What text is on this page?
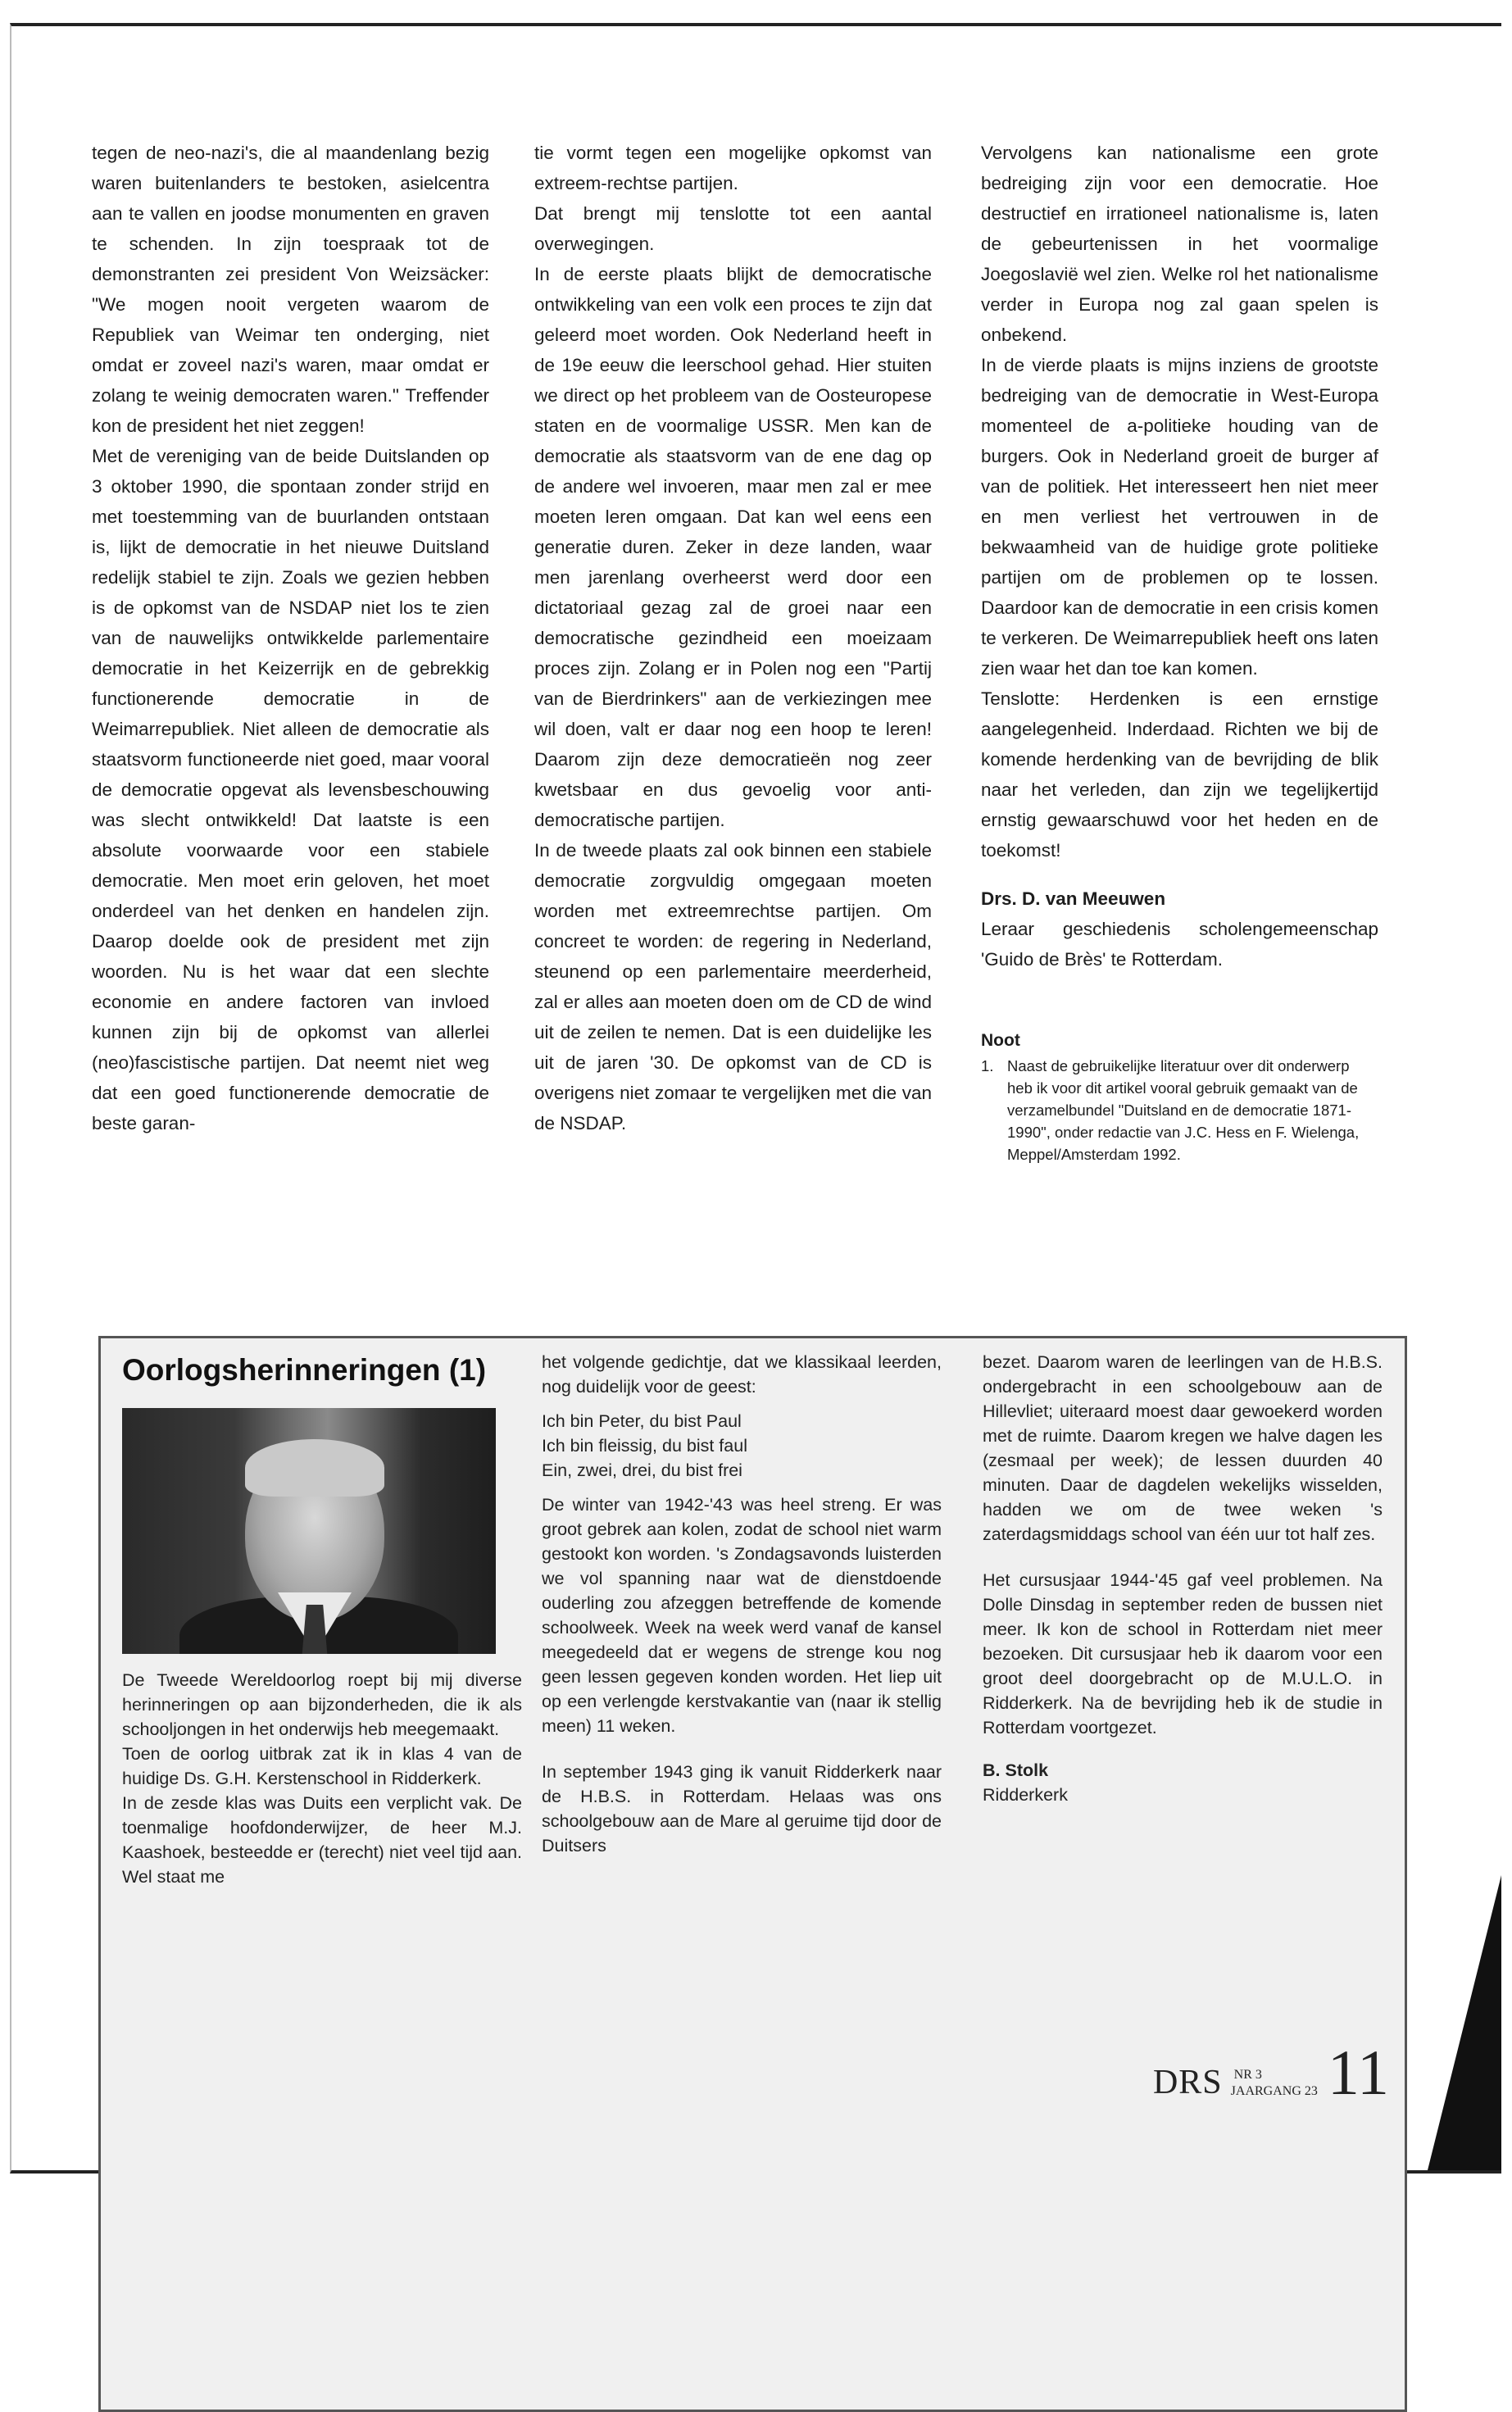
tegen de neo-nazi's, die al maandenlang bezig waren buitenlanders te bestoken, asielcentra aan te vallen en joodse monumenten en graven te schenden. In zijn toespraak tot de demonstranten zei president Von Weizsäcker: "We mogen nooit vergeten waarom de Republiek van Weimar ten onderging, niet omdat er zoveel nazi's waren, maar omdat er zolang te weinig democraten waren." Treffender kon de president het niet zeggen!

Met de vereniging van de beide Duitslanden op 3 oktober 1990, die spontaan zonder strijd en met toestemming van de buurlanden ontstaan is, lijkt de democratie in het nieuwe Duitsland redelijk stabiel te zijn. Zoals we gezien hebben is de opkomst van de NSDAP niet los te zien van de nauwelijks ontwikkelde parlementaire democratie in het Keizerrijk en de gebrekkig functionerende democratie in de Weimarrepubliek. Niet alleen de democratie als staatsvorm functioneerde niet goed, maar vooral de democratie opgevat als levensbeschouwing was slecht ontwikkeld! Dat laatste is een absolute voorwaarde voor een stabiele democratie. Men moet erin geloven, het moet onderdeel van het denken en handelen zijn. Daarop doelde ook de president met zijn woorden. Nu is het waar dat een slechte economie en andere factoren van invloed kunnen zijn bij de opkomst van allerlei (neo)fascistische partijen. Dat neemt niet weg dat een goed functionerende democratie de beste garan-

tie vormt tegen een mogelijke opkomst van extreem-rechtse partijen.

Dat brengt mij tenslotte tot een aantal overwegingen.

In de eerste plaats blijkt de democratische ontwikkeling van een volk een proces te zijn dat geleerd moet worden. Ook Nederland heeft in de 19e eeuw die leerschool gehad. Hier stuiten we direct op het probleem van de Oosteuropese staten en de voormalige USSR. Men kan de democratie als staatsvorm van de ene dag op de andere wel invoeren, maar men zal er mee moeten leren omgaan. Dat kan wel eens een generatie duren. Zeker in deze landen, waar men jarenlang overheerst werd door een dictatoriaal gezag zal de groei naar een democratische gezindheid een moeizaam proces zijn. Zolang er in Polen nog een "Partij van de Bierdrinkers" aan de verkiezingen mee wil doen, valt er daar nog een hoop te leren! Daarom zijn deze democratieën nog zeer kwetsbaar en dus gevoelig voor anti-democratische partijen.

In de tweede plaats zal ook binnen een stabiele democratie zorgvuldig omgegaan moeten worden met extreemrechtse partijen. Om concreet te worden: de regering in Nederland, steunend op een parlementaire meerderheid, zal er alles aan moeten doen om de CD de wind uit de zeilen te nemen. Dat is een duidelijke les uit de jaren '30. De opkomst van de CD is overigens niet zomaar te vergelijken met die van de NSDAP.

Vervolgens kan nationalisme een grote bedreiging zijn voor een democratie. Hoe destructief en irrationeel nationalisme is, laten de gebeurtenissen in het voormalige Joegoslavië wel zien. Welke rol het nationalisme verder in Europa nog zal gaan spelen is onbekend.

In de vierde plaats is mijns inziens de grootste bedreiging van de democratie in West-Europa momenteel de a-politieke houding van de burgers. Ook in Nederland groeit de burger af van de politiek. Het interesseert hen niet meer en men verliest het vertrouwen in de bekwaamheid van de huidige grote politieke partijen om de problemen op te lossen. Daardoor kan de democratie in een crisis komen te verkeren. De Weimarrepubliek heeft ons laten zien waar het dan toe kan komen.

Tenslotte: Herdenken is een ernstige aangelegenheid. Inderdaad. Richten we bij de komende herdenking van de bevrijding de blik naar het verleden, dan zijn we tegelijkertijd ernstig gewaarschuwd voor het heden en de toekomst!

Drs. D. van Meeuwen

Leraar geschiedenis scholengemeenschap 'Guido de Brès' te Rotterdam.

Noot
1. Naast de gebruikelijke literatuur over dit onderwerp heb ik voor dit artikel vooral gebruik gemaakt van de verzamelbundel "Duitsland en de democratie 1871-1990", onder redactie van J.C. Hess en F. Wielenga, Meppel/Amsterdam 1992.
Oorlogsherinneringen (1)

De Tweede Wereldoorlog roept bij mij diverse herinneringen op aan bijzonderheden, die ik als schooljongen in het onderwijs heb meegemaakt.

Toen de oorlog uitbrak zat ik in klas 4 van de huidige Ds. G.H. Kerstenschool in Ridderkerk.

In de zesde klas was Duits een verplicht vak. De toenmalige hoofdonderwijzer, de heer M.J. Kaashoek, besteedde er (terecht) niet veel tijd aan. Wel staat me

het volgende gedichtje, dat we klassikaal leerden, nog duidelijk voor de geest:

Ich bin Peter, du bist Paul

Ich bin fleissig, du bist faul

Ein, zwei, drei, du bist frei

De winter van 1942-'43 was heel streng. Er was groot gebrek aan kolen, zodat de school niet warm gestookt kon worden. 's Zondagsavonds luisterden we vol spanning naar wat de dienstdoende ouderling zou afzeggen betreffende de komende schoolweek. Week na week werd vanaf de kansel meegedeeld dat er wegens de strenge kou nog geen lessen gegeven konden worden. Het liep uit op een verlengde kerstvakantie van (naar ik stellig meen) 11 weken.

In september 1943 ging ik vanuit Ridderkerk naar de H.B.S. in Rotterdam. Helaas was ons schoolgebouw aan de Mare al geruime tijd door de Duitsers

bezet. Daarom waren de leerlingen van de H.B.S. ondergebracht in een schoolgebouw aan de Hillevliet; uiteraard moest daar gewoekerd worden met de ruimte. Daarom kregen we halve dagen les (zesmaal per week); de lessen duurden 40 minuten. Daar de dagdelen wekelijks wisselden, hadden we om de twee weken 's zaterdagsmiddags school van één uur tot half zes.

Het cursusjaar 1944-'45 gaf veel problemen. Na Dolle Dinsdag in september reden de bussen niet meer. Ik kon de school in Rotterdam niet meer bezoeken. Dit cursusjaar heb ik daarom voor een groot deel doorgebracht op de M.U.L.O. in Ridderkerk. Na de bevrijding heb ik de studie in Rotterdam voortgezet.

B. Stolk

Ridderkerk

DRS NR 3
JAARGANG 23 11
